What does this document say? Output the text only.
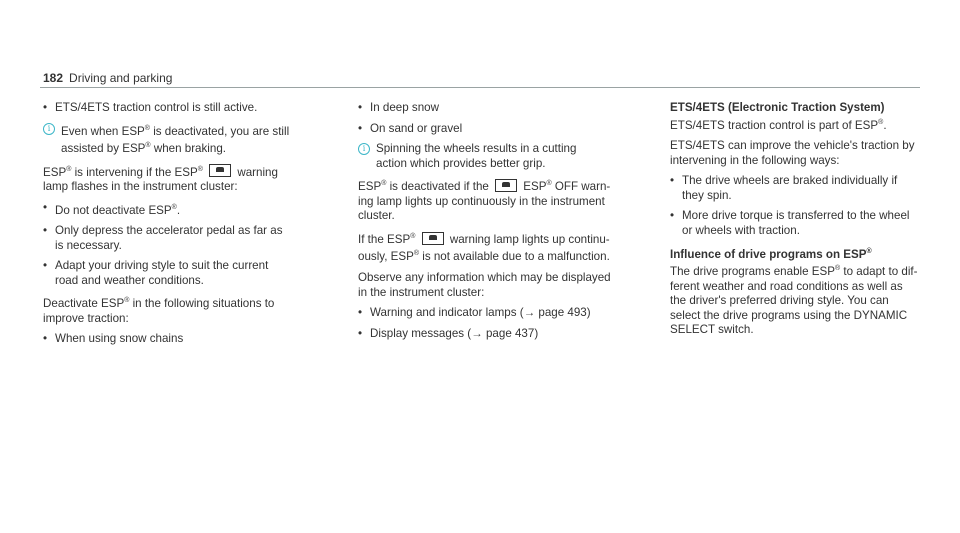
182 Driving and parking
• ETS/4ETS traction control is still active.
i Even when ESP® is deactivated, you are still
assisted by ESP® when braking.
ESP® is intervening if the ESP®	warning
lamp flashes in the instrument cluster:
• Do not deactivate ESP®.
• Only depress the accelerator pedal as far as
is necessary.
• Adapt your driving style to suit the current
road and weather conditions.
Deactivate ESP® in the following situations to
improve traction:
• When using snow chains
• In deep snow
• On sand or gravel
i Spinning the wheels results in a cutting
action which provides better grip.
ESP® is deactivated if the  ESP® OFF warn-
ing lamp lights up continuously in the instrument
cluster.
If the ESP®	warning lamp lights up continu-
ously, ESP® is not available due to a malfunction.
Observe any information which may be displayed
in the instrument cluster:
• Warning and indicator lamps (→ page 493)
• Display messages (→ page 437)
ETS/4ETS (Electronic Traction System)
ETS/4ETS traction control is part of ESP®.
ETS/4ETS can improve the vehicle's traction by
intervening in the following ways:
• The drive wheels are braked individually if
they spin.
• More drive torque is transferred to the wheel
or wheels with traction.
Influence of drive programs on ESP®
The drive programs enable ESP® to adapt to dif-
ferent weather and road conditions as well as
the driver's preferred driving style. You can
select the drive programs using the DYNAMIC
SELECT switch.
